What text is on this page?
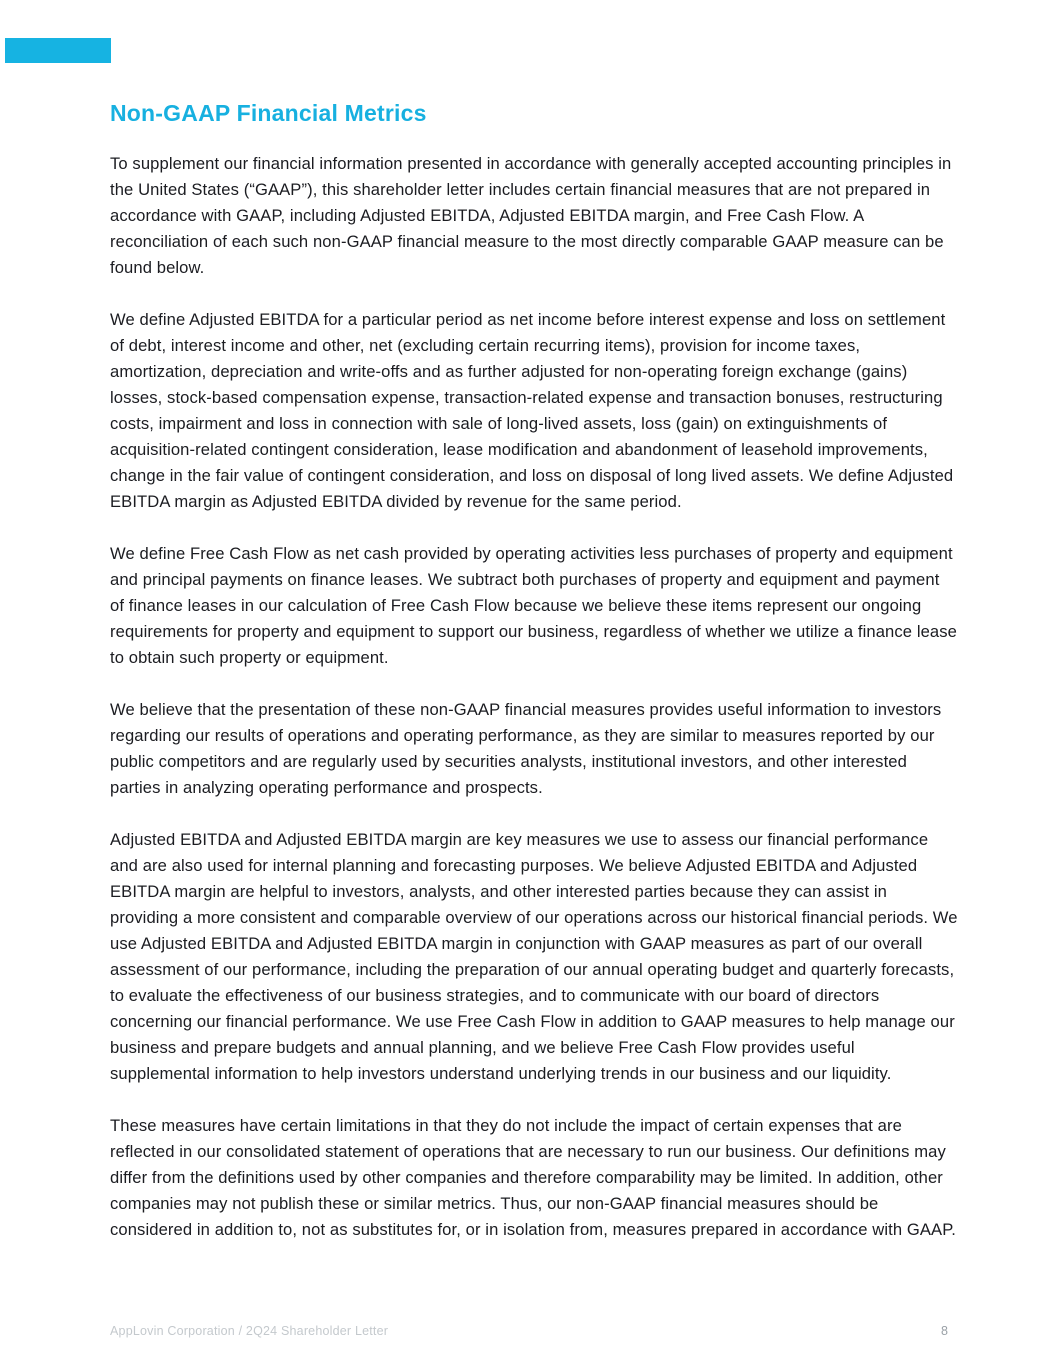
Non-GAAP Financial Metrics

To supplement our financial information presented in accordance with generally accepted accounting principles in the United States (“GAAP”), this shareholder letter includes certain financial measures that are not prepared in accordance with GAAP, including Adjusted EBITDA, Adjusted EBITDA margin, and Free Cash Flow. A reconciliation of each such non-GAAP financial measure to the most directly comparable GAAP measure can be found below.

We define Adjusted EBITDA for a particular period as net income before interest expense and loss on settlement of debt, interest income and other, net (excluding certain recurring items), provision for income taxes, amortization, depreciation and write-offs and as further adjusted for non-operating foreign exchange (gains) losses, stock-based compensation expense, transaction-related expense and transaction bonuses, restructuring costs, impairment and loss in connection with sale of long-lived assets, loss (gain) on extinguishments of acquisition-related contingent consideration, lease modification and abandonment of leasehold improvements, change in the fair value of contingent consideration, and loss on disposal of long lived assets. We define Adjusted EBITDA margin as Adjusted EBITDA divided by revenue for the same period.

We define Free Cash Flow as net cash provided by operating activities less purchases of property and equipment and principal payments on finance leases. We subtract both purchases of property and equipment and payment of finance leases in our calculation of Free Cash Flow because we believe these items represent our ongoing requirements for property and equipment to support our business, regardless of whether we utilize a finance lease to obtain such property or equipment.

We believe that the presentation of these non-GAAP financial measures provides useful information to investors regarding our results of operations and operating performance, as they are similar to measures reported by our public competitors and are regularly used by securities analysts, institutional investors, and other interested parties in analyzing operating performance and prospects.

Adjusted EBITDA and Adjusted EBITDA margin are key measures we use to assess our financial performance and are also used for internal planning and forecasting purposes. We believe Adjusted EBITDA and Adjusted EBITDA margin are helpful to investors, analysts, and other interested parties because they can assist in providing a more consistent and comparable overview of our operations across our historical financial periods. We use Adjusted EBITDA and Adjusted EBITDA margin in conjunction with GAAP measures as part of our overall assessment of our performance, including the preparation of our annual operating budget and quarterly forecasts, to evaluate the effectiveness of our business strategies, and to communicate with our board of directors concerning our financial performance. We use Free Cash Flow in addition to GAAP measures to help manage our business and prepare budgets and annual planning, and we believe Free Cash Flow provides useful supplemental information to help investors understand underlying trends in our business and our liquidity.

These measures have certain limitations in that they do not include the impact of certain expenses that are reflected in our consolidated statement of operations that are necessary to run our business. Our definitions may differ from the definitions used by other companies and therefore comparability may be limited. In addition, other companies may not publish these or similar metrics. Thus, our non-GAAP financial measures should be considered in addition to, not as substitutes for, or in isolation from, measures prepared in accordance with GAAP.

AppLovin Corporation / 2Q24 Shareholder Letter	8
